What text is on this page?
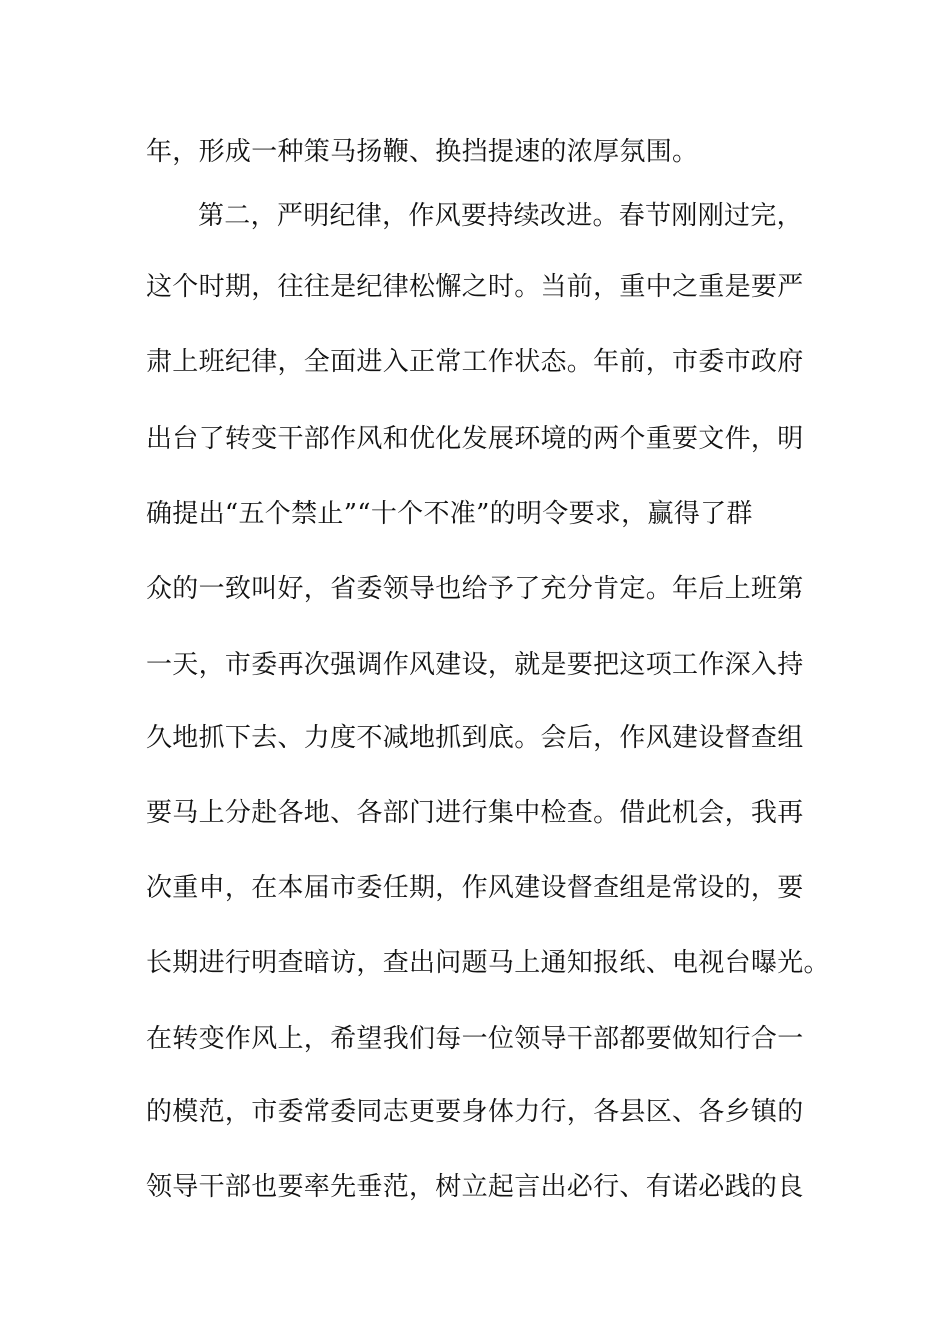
年，形成一种策马扬鞭、换挡提速的浓厚氛围。
第二，严明纪律，作风要持续改进。春节刚刚过完，
这个时期，往往是纪律松懈之时。当前，重中之重是要严
肃上班纪律，全面进入正常工作状态。年前，市委市政府
出台了转变干部作风和优化发展环境的两个重要文件，明
确提出“五个禁止”“十个不准”的明令要求，赢得了群
众的一致叫好，省委领导也给予了充分肯定。年后上班第
一天，市委再次强调作风建设，就是要把这项工作深入持
久地抓下去、力度不减地抓到底。会后，作风建设督查组
要马上分赴各地、各部门进行集中检查。借此机会，我再
次重申，在本届市委任期，作风建设督查组是常设的，要
长期进行明查暗访，查出问题马上通知报纸、电视台曝光。
在转变作风上，希望我们每一位领导干部都要做知行合一
的模范，市委常委同志更要身体力行，各县区、各乡镇的
领导干部也要率先垂范，树立起言出必行、有诺必践的良
